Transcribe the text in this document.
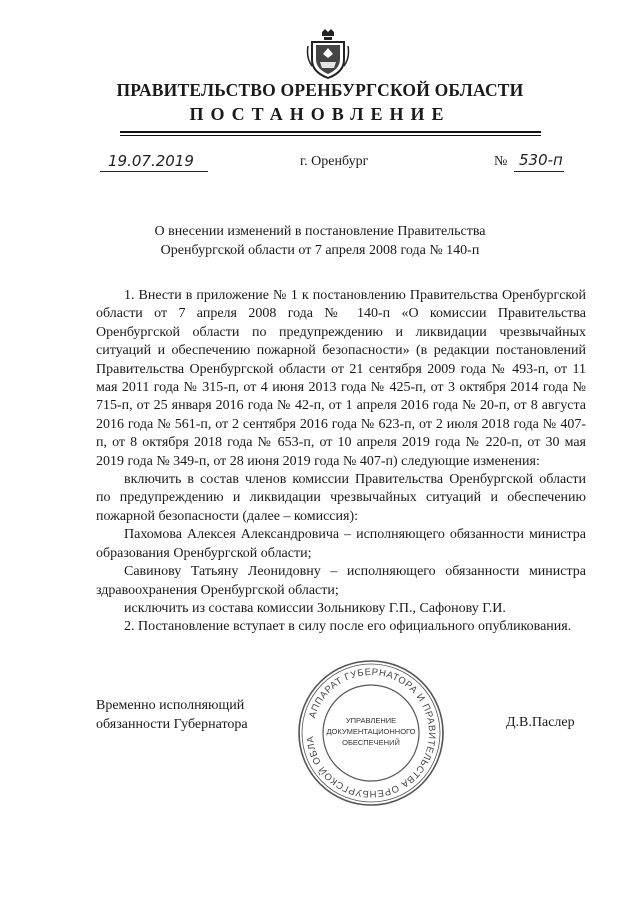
ПРАВИТЕЛЬСТВО ОРЕНБУРГСКОЙ ОБЛАСТИ
ПОСТАНОВЛЕНИЕ
19.07.2019	г. Оренбург	№ 530-п
О внесении изменений в постановление Правительства
Оренбургской области от 7 апреля 2008 года № 140-п

1. Внести в приложение № 1 к постановлению Правительства Оренбургской области от 7 апреля 2008 года № 140-п «О комиссии Правительства Оренбургской области по предупреждению и ликвидации чрезвычайных ситуаций и обеспечению пожарной безопасности» (в редакции постановлений Правительства Оренбургской области от 21 сентября 2009 года № 493-п, от 11 мая 2011 года № 315-п, от 4 июня 2013 года № 425-п, от 3 октября 2014 года № 715-п, от 25 января 2016 года № 42-п, от 1 апреля 2016 года № 20-п, от 8 августа 2016 года № 561-п, от 2 сентября 2016 года № 623-п, от 2 июля 2018 года № 407-п, от 8 октября 2018 года № 653-п, от 10 апреля 2019 года № 220-п, от 30 мая 2019 года № 349-п, от 28 июня 2019 года № 407-п) следующие изменения:

включить в состав членов комиссии Правительства Оренбургской области по предупреждению и ликвидации чрезвычайных ситуаций и обеспечению пожарной безопасности (далее – комиссия):

Пахомова Алексея Александровича – исполняющего обязанности министра образования Оренбургской области;

Савинову Татьяну Леонидовну – исполняющего обязанности министра здравоохранения Оренбургской области;

исключить из состава комиссии Зольникову Г.П., Сафонову Г.И.

2. Постановление вступает в силу после его официального опубликования.

Временно исполняющий
обязанности Губернатора	Д.В.Паслер
АППАРАТ ГУБЕРНАТОРА И ПРАВИТЕЛЬСТВА ОРЕНБУРГСКОЙ ОБЛА
УПРАВЛЕНИЕ
ДОКУМЕНТАЦИОННОГО
ОБЕСПЕЧЕНИЙ
